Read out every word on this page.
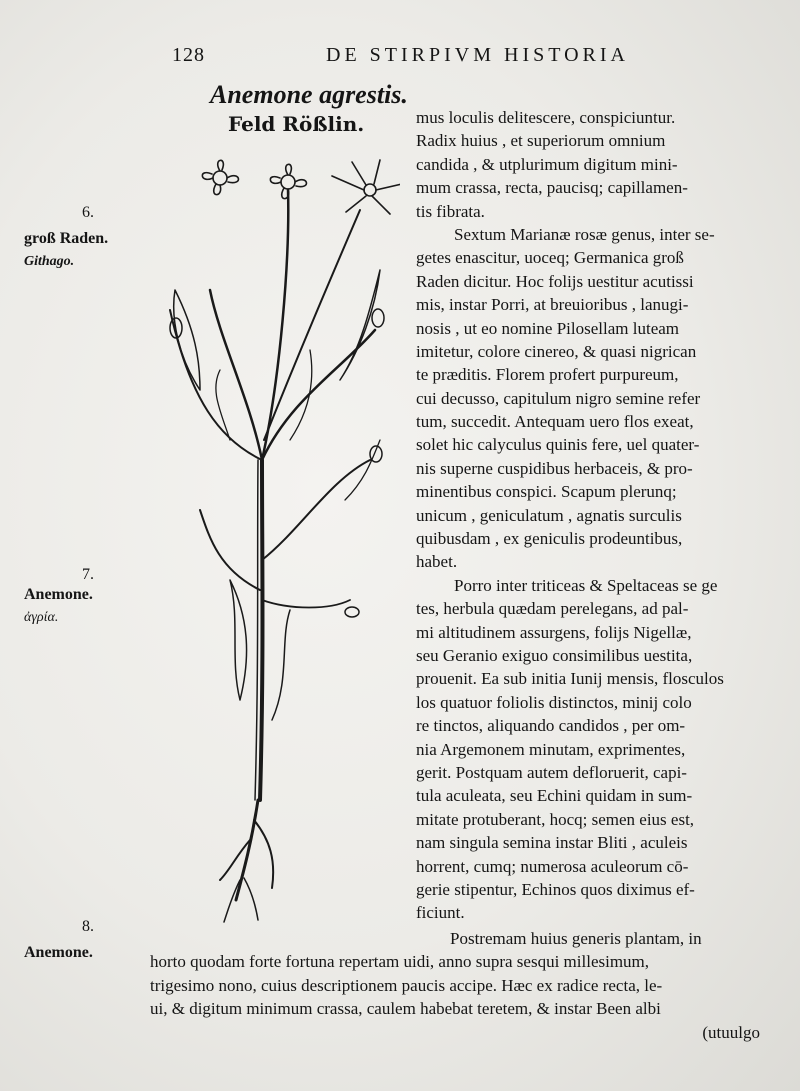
128	DE STIRPIVM HISTORIA
Anemone agrestis.
Feld Rößlin.
6.
groß Raden.
Githago.
7.
Anemone.
ἀγρία.
8.
Anemone.
mus loculis delitescere, conspiciuntur.
Radix huius , et superiorum omnium
candida , & utplurimum digitum mini-
mum crassa, recta, paucisq; capillamen-
tis fibrata.
Sextum Marianæ rosæ genus, inter se-
getes enascitur, uoceq; Germanica groß
Raden dicitur. Hoc folijs uestitur acutissi
mis, instar Porri, at breuioribus , lanugi-
nosis , ut eo nomine Pilosellam luteam
imitetur, colore cinereo, & quasi nigrican
te præditis. Florem profert purpureum,
cui decusso, capitulum nigro semine refer
tum, succedit. Antequam uero flos exeat,
solet hic calyculus quinis fere, uel quater-
nis superne cuspidibus herbaceis, & pro-
minentibus conspici. Scapum plerunq;
unicum , geniculatum , agnatis surculis
quibusdam , ex geniculis prodeuntibus,
habet.
Porro inter triticeas & Speltaceas se ge
tes, herbula quædam perelegans, ad pal-
mi altitudinem assurgens, folijs Nigellæ,
seu Geranio exiguo consimilibus uestita,
prouenit. Ea sub initia Iunij mensis, flosculos
los quatuor foliolis distinctos, minij colo
re tinctos, aliquando candidos , per om-
nia Argemonem minutam, exprimentes,
gerit. Postquam autem defloruerit, capi-
tula aculeata, seu Echini quidam in sum-
mitate protuberant, hocq; semen eius est,
nam singula semina instar Bliti , aculeis
horrent, cumq; numerosa aculeorum cō-
gerie stipentur, Echinos quos diximus ef-
ficiunt.
Postremam huius generis plantam, in
horto quodam forte fortuna repertam uidi, anno supra sesqui millesimum,
trigesimo nono, cuius descriptionem paucis accipe. Hæc ex radice recta, le-
ui, & digitum minimum crassa, caulem habebat teretem, & instar Been albi
(utuulgo
